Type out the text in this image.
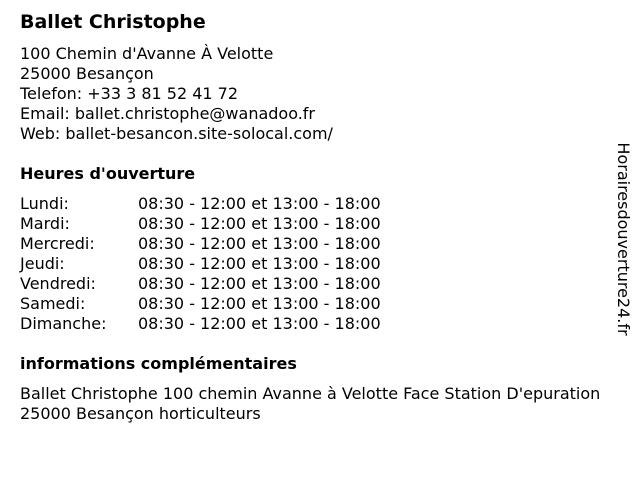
Ballet Christophe
100 Chemin d'Avanne À Velotte
25000 Besançon
Telefon: +33 3 81 52 41 72
Email: ballet.christophe@wanadoo.fr
Web: ballet-besancon.site-solocal.com/
Heures d'ouverture
Lundi:	08:30 - 12:00 et 13:00 - 18:00
Mardi:	08:30 - 12:00 et 13:00 - 18:00
Mercredi:	08:30 - 12:00 et 13:00 - 18:00
Jeudi:	08:30 - 12:00 et 13:00 - 18:00
Vendredi:	08:30 - 12:00 et 13:00 - 18:00
Samedi:	08:30 - 12:00 et 13:00 - 18:00
Dimanche:	08:30 - 12:00 et 13:00 - 18:00
informations complémentaires
Ballet Christophe 100 chemin Avanne à Velotte Face Station D'epuration 25000 Besançon horticulteurs
Horairesdouverture24.fr
